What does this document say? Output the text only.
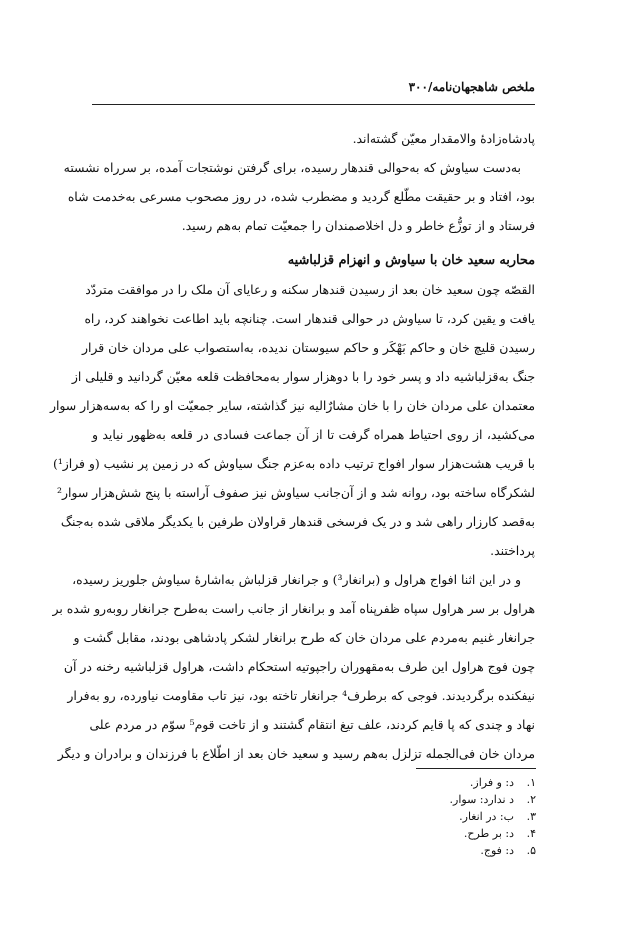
ملخص شاهجهان‌نامه/۳۰۰
پادشاه‌زادهٔ والامقدار معیّن گشته‌اند.
به‌دست سیاوش که به‌حوالی قندهار رسیده، برای گرفتن نوشتجات آمده، بر سرراه نشسته
بود، افتاد و بر حقیقت مطّلع گردید و مضطرب شده، در روز مصحوب مسرعی به‌خدمت شاه
فرستاد و از توزُّع خاطر و دل اخلاصمندان را جمعیّت تمام به‌هم رسید.
محاربه سعید خان با سیاوش و انهزام قزلباشیه
القصّه چون سعید خان بعد از رسیدن قندهار سکنه و رعایای آن ملک را در موافقت متردّد
یافت و یقین کرد، تا سیاوش در حوالی قندهار است. چنانچه باید اطاعت نخواهند کرد، راه
رسیدن قلیچ خان و حاکم بَهْکَر و حاکم سیوستان ندیده، به‌استصواب علی مردان خان قرار
جنگ به‌قزلباشیه داد و پسر خود را با دوهزار سوار به‌محافظت قلعه معیّن گردانید و قلیلی از
معتمدان علی مردان خان را با خان مشارٌالیه نیز گذاشته، سایر جمعیّت او را که به‌سه‌هزار سوار
می‌کشید، از روی احتیاط همراه گرفت تا از آن جماعت فسادی در قلعه به‌ظهور نیاید و
با قریب هشت‌هزار سوار افواج ترتیب داده به‌عزم جنگ سیاوش که در زمین پر نشیب (و فراز¹)
لشکرگاه ساخته بود، روانه شد و از آن‌جانب سیاوش نیز صفوف آراسته با پنج شش‌هزار سوار²
به‌قصد کارزار راهی شد و در یک فرسخی قندهار قراولان طرفین با یکدیگر ملاقی شده به‌جنگ
پرداختند.
و در این اثنا افواج هراول و (برانغار³) و جرانغار قزلباش به‌اشارهٔ سیاوش جلوریز رسیده،
هراول بر سر هراول سپاه ظفرپناه آمد و برانغار از جانب راست به‌طرح جرانغار روبه‌رو شده بر
جرانغار غنیم به‌مردم علی مردان خان که طرح برانغار لشکر پادشاهی بودند، مقابل گشت و
چون فوج هراول این طرف به‌مقهوران راجپوتیه استحکام داشت، هراول قزلباشیه رخنه در آن
نیفکنده برگردیدند. فوجی که برطرف⁴ جرانغار تاخته بود، نیز تاب مقاومت نیاورده، رو به‌فرار
نهاد و چندی که پا قایم کردند، علف تیغ انتقام گشتند و از تاخت قوم⁵ سوّم در مردم علی
مردان خان فی‌الجمله تزلزل به‌هم رسید و سعید خان بعد از اطّلاع با فرزندان و برادران و دیگر
۱.د: و فراز.
۲.د ندارد: سوار.
۳.ب: در انغار.
۴.د: بر طرح.
۵.د: فوج.
